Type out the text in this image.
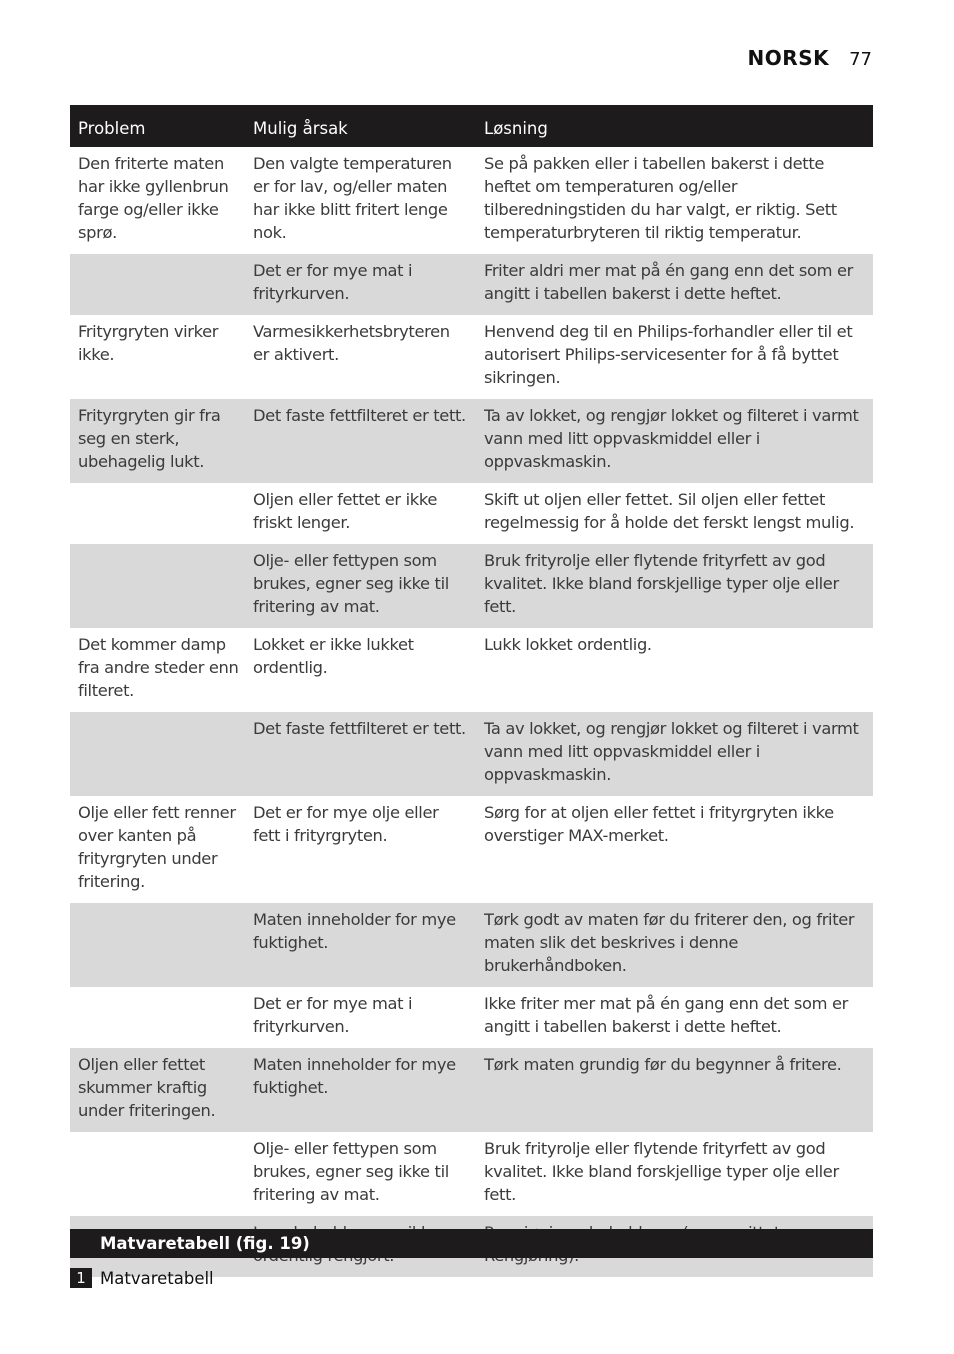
NORSK 77
Problem	Mulig årsak	Løsning
Den friterte maten har ikke gyllenbrun farge og/eller ikke sprø.	Den valgte temperaturen er for lav, og/eller maten har ikke blitt fritert lenge nok.	Se på pakken eller i tabellen bakerst i dette heftet om temperaturen og/eller tilberedningstiden du har valgt, er riktig. Sett temperaturbryteren til riktig temperatur.
	Det er for mye mat i frityrkurven.	Friter aldri mer mat på én gang enn det som er angitt i tabellen bakerst i dette heftet.
Frityrgryten virker ikke.	Varmesikkerhetsbryteren er aktivert.	Henvend deg til en Philips-forhandler eller til et autorisert Philips-servicesenter for å få byttet sikringen.
Frityrgryten gir fra seg en sterk, ubehagelig lukt.	Det faste fettfilteret er tett.	Ta av lokket, og rengjør lokket og filteret i varmt vann med litt oppvaskmiddel eller i oppvaskmaskin.
	Oljen eller fettet er ikke friskt lenger.	Skift ut oljen eller fettet. Sil oljen eller fettet regelmessig for å holde det ferskt lengst mulig.
	Olje- eller fettypen som brukes, egner seg ikke til fritering av mat.	Bruk frityrolje eller flytende frityrfett av god kvalitet. Ikke bland forskjellige typer olje eller fett.
Det kommer damp fra andre steder enn filteret.	Lokket er ikke lukket ordentlig.	Lukk lokket ordentlig.
	Det faste fettfilteret er tett.	Ta av lokket, og rengjør lokket og filteret i varmt vann med litt oppvaskmiddel eller i oppvaskmaskin.
Olje eller fett renner over kanten på frityrgryten under fritering.	Det er for mye olje eller fett i frityrgryten.	Sørg for at oljen eller fettet i frityrgryten ikke overstiger MAX-merket.
	Maten inneholder for mye fuktighet.	Tørk godt av maten før du friterer den, og friter maten slik det beskrives i denne brukerhåndboken.
	Det er for mye mat i frityrkurven.	Ikke friter mer mat på én gang enn det som er angitt i tabellen bakerst i dette heftet.
Oljen eller fettet skummer kraftig under friteringen.	Maten inneholder for mye fuktighet.	Tørk maten grundig før du begynner å fritere.
	Olje- eller fettypen som brukes, egner seg ikke til fritering av mat.	Bruk frityrolje eller flytende frityrfett av god kvalitet. Ikke bland forskjellige typer olje eller fett.

Matvaretabell (fig. 19)
1 Matvaretabell
